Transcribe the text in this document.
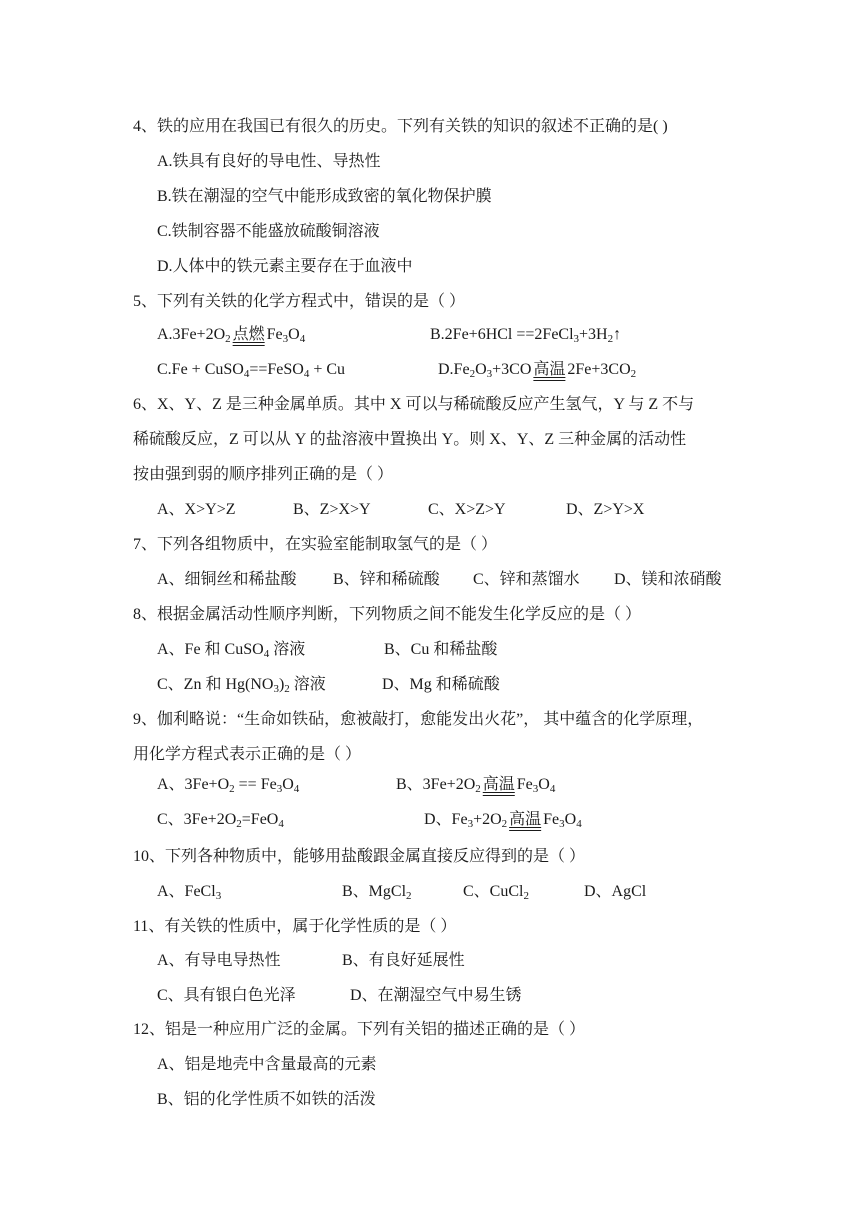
4、铁的应用在我国已有很久的历史。下列有关铁的知识的叙述不正确的是( )
A.铁具有良好的导电性、导热性
B.铁在潮湿的空气中能形成致密的氧化物保护膜
C.铁制容器不能盛放硫酸铜溶液
D.人体中的铁元素主要存在于血液中
5、下列有关铁的化学方程式中，错误的是（ ）
$A.3Fe+2O_2$ 点燃 $Fe_3O_4$	$B.2Fe+6HCl ==2FeCl_3+3H_2↑$
C.Fe + CuSO$_4$==FeSO$_4$ + Cu	$D.Fe_2O_3+3CO$ 高温 $2Fe+3CO_2$
6、X、Y、Z 是三种金属单质。其中 X 可以与稀硫酸反应产生氢气，Y 与 Z 不与
稀硫酸反应，Z 可以从 Y 的盐溶液中置换出 Y。则 X、Y、Z 三种金属的活动性
按由强到弱的顺序排列正确的是（ ）
A、X>Y>Z	B、Z>X>Y	C、X>Z>Y	D、Z>Y>X
7、下列各组物质中，在实验室能制取氢气的是（ ）
A、细铜丝和稀盐酸 B、锌和稀硫酸 C、锌和蒸馏水 D、镁和浓硝酸
8、根据金属活动性顺序判断，下列物质之间不能发生化学反应的是（ ）
A、Fe 和 CuSO$_4$ 溶液	B、Cu 和稀盐酸
C、Zn 和 $Hg(NO_3)_2$ 溶液	D、Mg 和稀硫酸
9、伽利略说：“生命如铁砧，愈被敲打，愈能发出火花”， 其中蕴含的化学原理，
用化学方程式表示正确的是（ ）
A、$3Fe+O_2 == Fe_3O_4$	B、$3Fe+2O_2$ 高温 $Fe_3O_4$
C、$3Fe+2O_2=FeO_4$	D、$Fe_3+2O_2$ 高温 $Fe_3O_4$
10、下列各种物质中，能够用盐酸跟金属直接反应得到的是（ ）
A、FeCl$_3$	B、MgCl$_2$	C、CuCl$_2$	D、AgCl
11、有关铁的性质中，属于化学性质的是（ ）
A、有导电导热性	B、有良好延展性
C、具有银白色光泽	D、在潮湿空气中易生锈
12、铝是一种应用广泛的金属。下列有关铝的描述正确的是（ ）
A、铝是地壳中含量最高的元素
B、铝的化学性质不如铁的活泼
